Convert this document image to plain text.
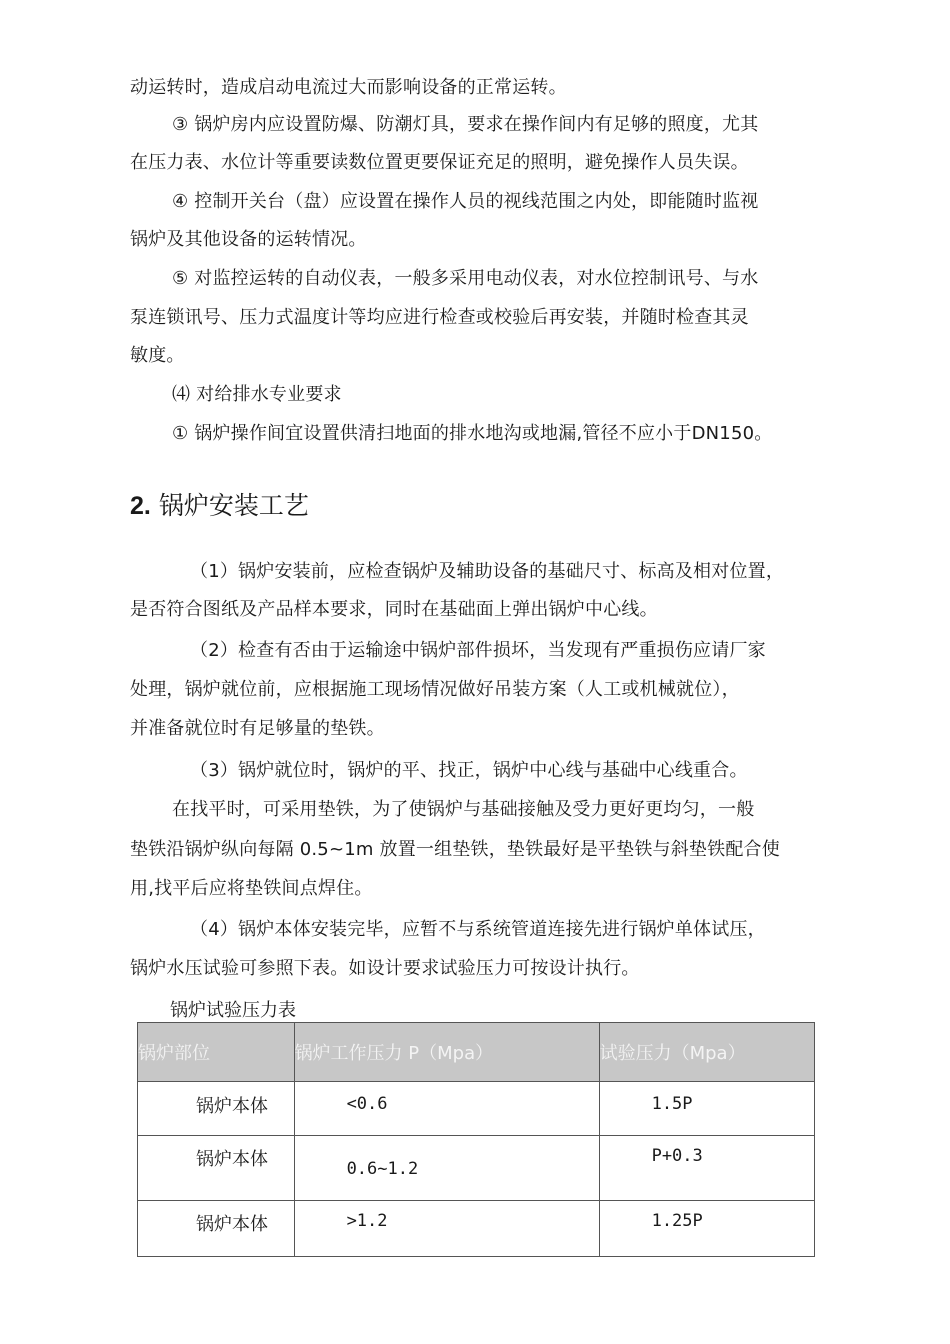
动运转时，造成启动电流过大而影响设备的正常运转。
③ 锅炉房内应设置防爆、防潮灯具，要求在操作间内有足够的照度，尤其
在压力表、水位计等重要读数位置更要保证充足的照明，避免操作人员失误。
④ 控制开关台（盘）应设置在操作人员的视线范围之内处，即能随时监视
锅炉及其他设备的运转情况。
⑤ 对监控运转的自动仪表，一般多采用电动仪表，对水位控制讯号、与水
泵连锁讯号、压力式温度计等均应进行检查或校验后再安装，并随时检查其灵
敏度。
⑷ 对给排水专业要求
① 锅炉操作间宜设置供清扫地面的排水地沟或地漏,管径不应小于DN150。
2. 锅炉安装工艺
（1）锅炉安装前，应检查锅炉及辅助设备的基础尺寸、标高及相对位置，
是否符合图纸及产品样本要求，同时在基础面上弹出锅炉中心线。
（2）检查有否由于运输途中锅炉部件损坏，当发现有严重损伤应请厂家
处理，锅炉就位前，应根据施工现场情况做好吊装方案（人工或机械就位），
并准备就位时有足够量的垫铁。
（3）锅炉就位时，锅炉的平、找正，锅炉中心线与基础中心线重合。
在找平时，可采用垫铁，为了使锅炉与基础接触及受力更好更均匀，一般
垫铁沿锅炉纵向每隔 0.5~1m 放置一组垫铁，垫铁最好是平垫铁与斜垫铁配合使
用,找平后应将垫铁间点焊住。
（4）锅炉本体安装完毕，应暂不与系统管道连接先进行锅炉单体试压，
锅炉水压试验可参照下表。如设计要求试验压力可按设计执行。
锅炉试验压力表
锅炉部位	锅炉工作压力 P（Mpa）	试验压力（Mpa）

锅炉本体	<0.6	1.5P

锅炉本体	0.6~1.2	P+0.3

锅炉本体	>1.2	1.25P
